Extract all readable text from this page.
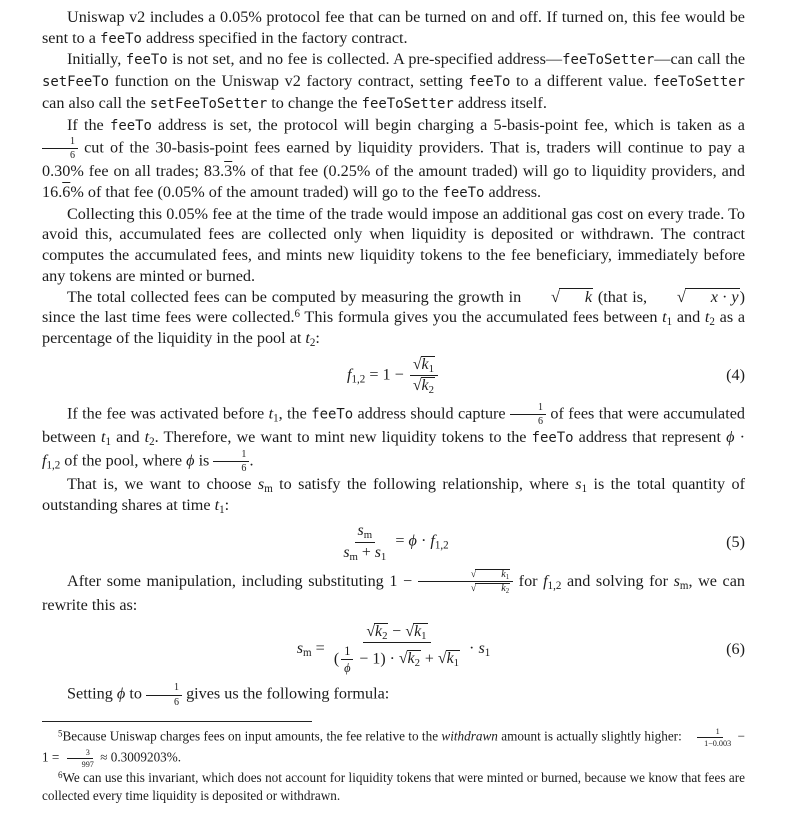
Uniswap v2 includes a 0.05% protocol fee that can be turned on and off. If turned on, this fee would be sent to a feeTo address specified in the factory contract.

Initially, feeTo is not set, and no fee is collected. A pre-specified address—feeToSetter—can call the setFeeTo function on the Uniswap v2 factory contract, setting feeTo to a different value. feeToSetter can also call the setFeeToSetter to change the feeToSetter address itself.

If the feeTo address is set, the protocol will begin charging a 5-basis-point fee, which is taken as a
$\frac{1}{6}$ cut of the 30-basis-point fees earned by liquidity providers. That is, traders will continue to pay a 0.30% fee on all trades; 83.3% of that fee (0.25% of the amount traded) will go to liquidity providers, and 16.6% of that fee (0.05% of the amount traded) will go to the feeTo address.

Collecting this 0.05% fee at the time of the trade would impose an additional gas cost on every trade. To avoid this, accumulated fees are collected only when liquidity is deposited or withdrawn. The contract computes the accumulated fees, and mints new liquidity tokens to the fee beneficiary, immediately before any tokens are minted or burned.

The total collected fees can be computed by measuring the growth in √ k (that is, √ x · y) since the last time fees were collected.$^6$ This formula gives you the accumulated fees between t1 and t2 as a percentage of the liquidity in the pool at t2:

$f1,2 = 1 - \frac{√k1}{√k2}$	(4)

If the fee was activated before t1, the feeTo address should capture $\frac{1}{6}$ of fees that were accumulated between t1 and t2. Therefore, we want to mint new liquidity tokens to the feeTo address that represent ϕ · f1,2 of the pool, where ϕ is $\frac{1}{6}$ .

That is, we want to choose sm to satisfy the following relationship, where s1 is the total quantity of outstanding shares at time t1:

$\frac{sm}{sm + s1} = \phi \cdot f1,2$	(5)

After some manipulation, including substituting $1 - \frac{√ k1}{√ k2}$ for f1,2 and solving for sm, we can rewrite this as:

sm = $\frac{√k2 - √k1}{( \frac{1}{\phi} - 1) \cdot √k2 + √k1} \cdot s1$	(6)

Setting ϕ to $\frac{1}{6}$ gives us the following formula:

$^5$Because Uniswap charges fees on input amounts, the fee relative to the withdrawn amount is actually slightly higher: $\frac{1}{1-0.003} - 1 = \frac{3}{997} \approx 0.3009203\%$.

$^6$We can use this invariant, which does not account for liquidity tokens that were minted or burned, because we know that fees are collected every time liquidity is deposited or withdrawn.
